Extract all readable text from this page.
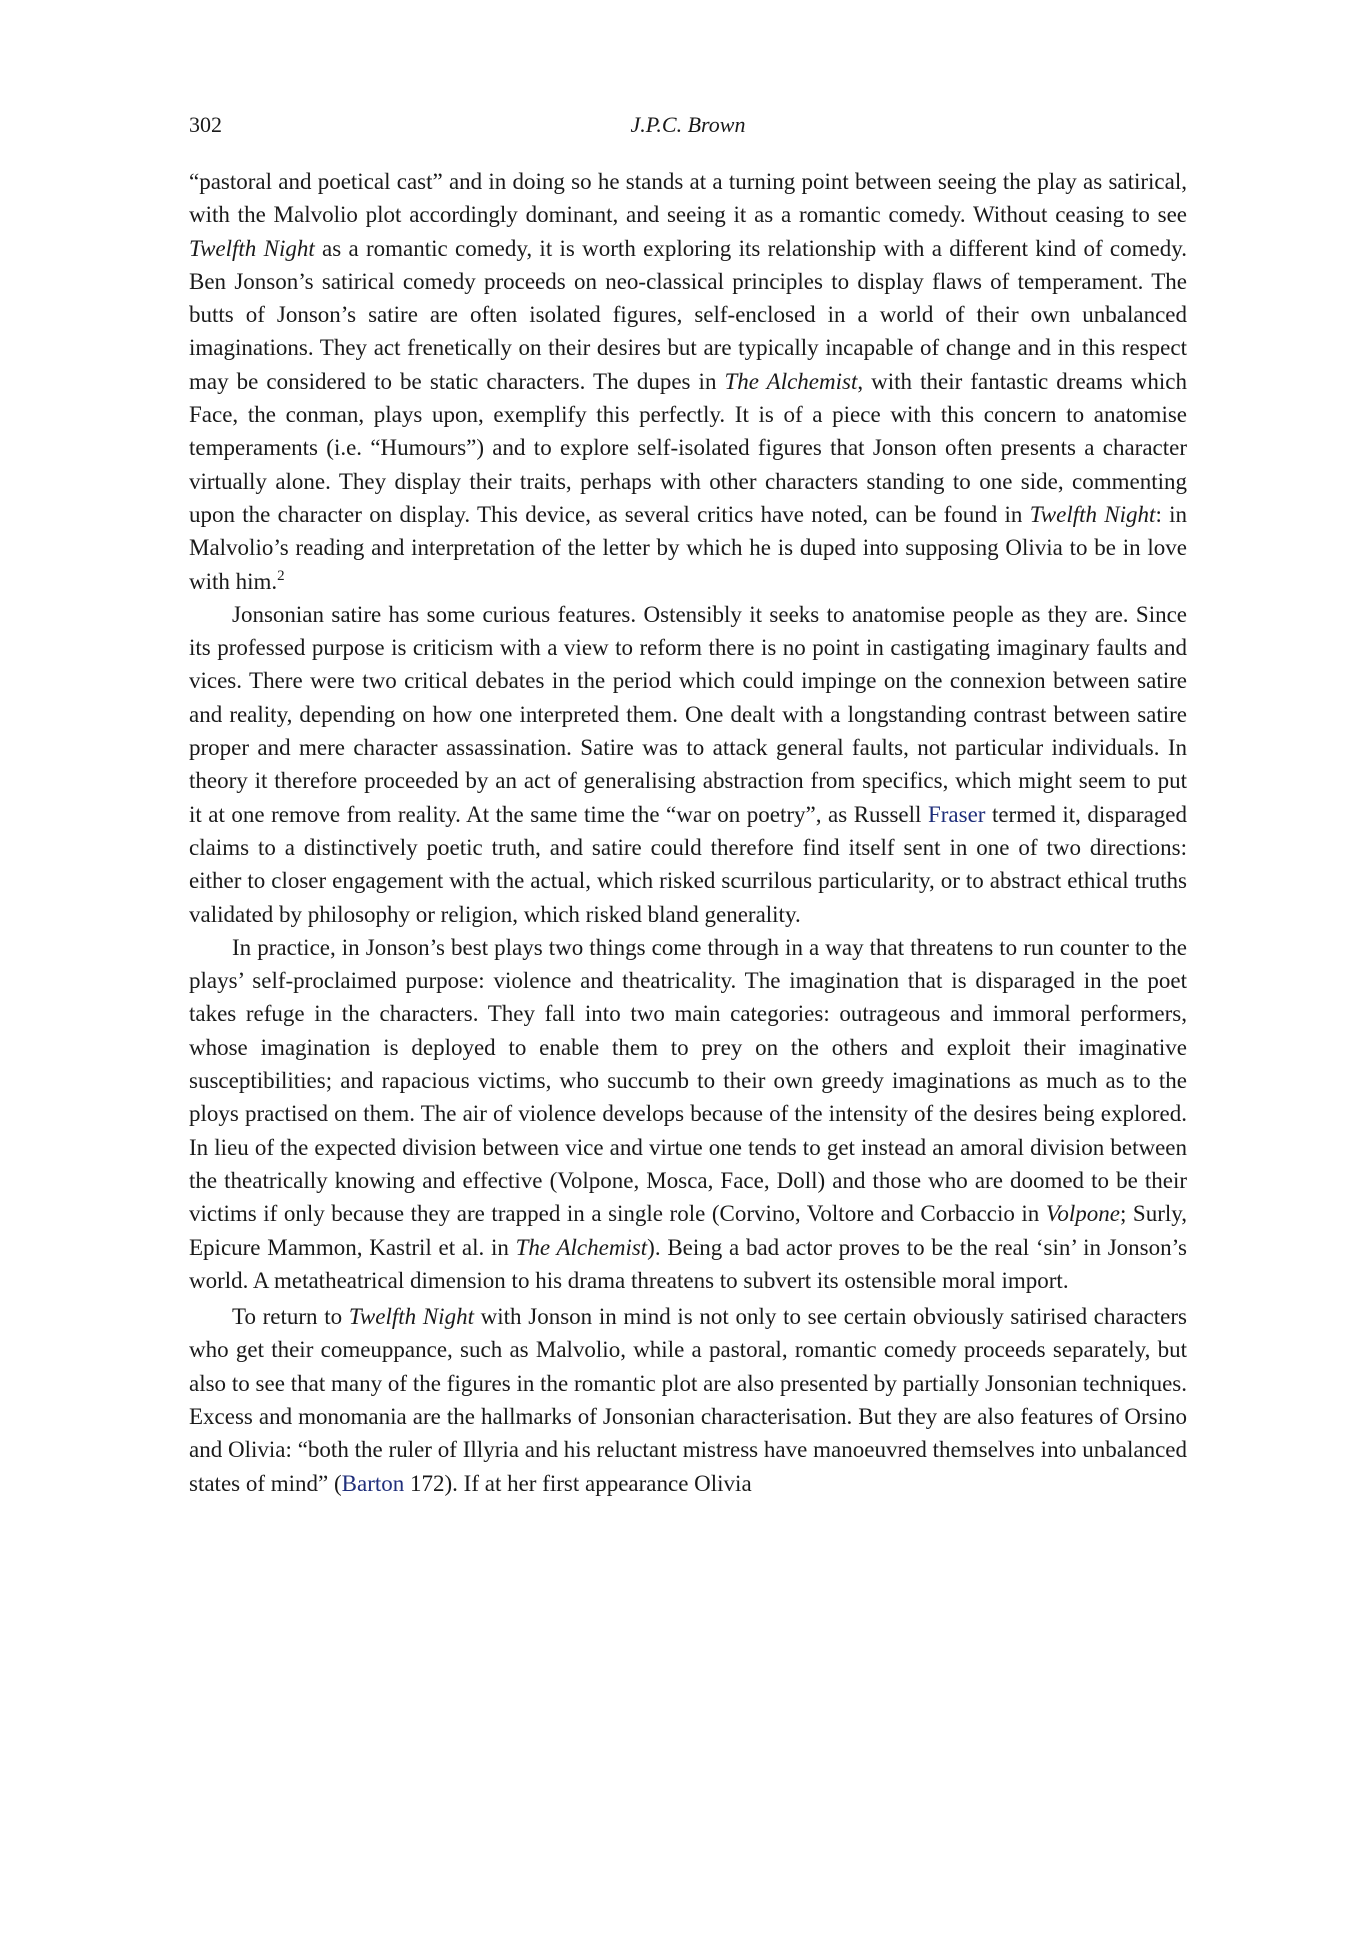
302	J.P.C. Brown

“pastoral and poetical cast” and in doing so he stands at a turning point between seeing the play as satirical, with the Malvolio plot accordingly dominant, and seeing it as a romantic comedy. Without ceasing to see Twelfth Night as a romantic comedy, it is worth exploring its relationship with a different kind of comedy. Ben Jonson’s satirical comedy proceeds on neo-classical principles to display flaws of temperament. The butts of Jonson’s satire are often isolated figures, self-enclosed in a world of their own unbalanced imaginations. They act frenetically on their desires but are typically incapable of change and in this respect may be considered to be static characters. The dupes in The Alchemist, with their fantastic dreams which Face, the conman, plays upon, exemplify this perfectly. It is of a piece with this concern to anatomise temperaments (i.e. “Humours”) and to explore self-isolated figures that Jonson often presents a character virtually alone. They display their traits, perhaps with other characters standing to one side, commenting upon the character on display. This device, as several critics have noted, can be found in Twelfth Night: in Malvolio’s reading and interpretation of the letter by which he is duped into supposing Olivia to be in love with him.$^2$

Jonsonian satire has some curious features. Ostensibly it seeks to anatomise people as they are. Since its professed purpose is criticism with a view to reform there is no point in castigating imaginary faults and vices. There were two critical debates in the period which could impinge on the connexion between satire and reality, depending on how one interpreted them. One dealt with a longstanding contrast between satire proper and mere character assassination. Satire was to attack general faults, not particular individuals. In theory it therefore proceeded by an act of generalising abstraction from specifics, which might seem to put it at one remove from reality. At the same time the “war on poetry”, as Russell Fraser termed it, disparaged claims to a distinctively poetic truth, and satire could therefore find itself sent in one of two directions: either to closer engagement with the actual, which risked scurrilous particularity, or to abstract ethical truths validated by philosophy or religion, which risked bland generality.

In practice, in Jonson’s best plays two things come through in a way that threatens to run counter to the plays’ self-proclaimed purpose: violence and theatricality. The imagination that is disparaged in the poet takes refuge in the characters. They fall into two main categories: outrageous and immoral performers, whose imagination is deployed to enable them to prey on the others and exploit their imaginative susceptibilities; and rapacious victims, who succumb to their own greedy imaginations as much as to the ploys practised on them. The air of violence develops because of the intensity of the desires being explored. In lieu of the expected division between vice and virtue one tends to get instead an amoral division between the theatrically knowing and effective (Volpone, Mosca, Face, Doll) and those who are doomed to be their victims if only because they are trapped in a single role (Corvino, Voltore and Corbaccio in Volpone; Surly, Epicure Mammon, Kastril et al. in The Alchemist). Being a bad actor proves to be the real ‘sin’ in Jonson’s world. A metatheatrical dimension to his drama threatens to subvert its ostensible moral import.

To return to Twelfth Night with Jonson in mind is not only to see certain obviously satirised characters who get their comeuppance, such as Malvolio, while a pastoral, romantic comedy proceeds separately, but also to see that many of the figures in the romantic plot are also presented by partially Jonsonian techniques. Excess and monomania are the hallmarks of Jonsonian characterisation. But they are also features of Orsino and Olivia: “both the ruler of Illyria and his reluctant mistress have manoeuvred themselves into unbalanced states of mind” (Barton 172). If at her first appearance Olivia
